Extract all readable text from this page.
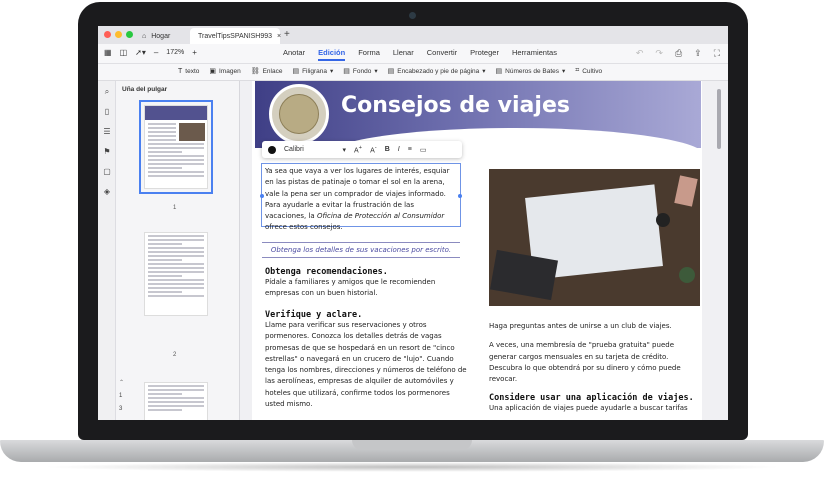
⌂ Hogar	TravelTipsSPANISH993 × +
▦ ◫ ➚▾ – 172% +	Anotar Edición Forma Llenar Convertir Proteger Herramientas	↶ ↷ ⎙ ⇪ ⛶
T texto ▣ Imagen ⛓ Enlace ▤ Filigrana ▾ ▤ Fondo ▾ ▤ Encabezado y pie de página ▾ ▤ Números de Bates ▾ ⌗ Cultivo
⌕
▯
☰
⚑
▢
◈
Uña del pulgar
1
2
⌃
1
3
Consejos de viajes
Calibri	▾ A+ A- B I ≡ ▭
Ya sea que vaya a ver los lugares de interés, esquiar en las pistas de patinaje o tomar el sol en la arena, vale la pena ser un comprador de viajes informado. Para ayudarle a evitar la frustración de las vacaciones, la Oficina de Protección al Consumidor ofrece estos consejos.
Obtenga los detalles de sus vacaciones por escrito.
Obtenga recomendaciones.
Pídale a familiares y amigos que le recomienden empresas con un buen historial.
Verifique y aclare.
Llame para verificar sus reservaciones y otros pormenores. Conozca los detalles detrás de vagas promesas de que se hospedará en un resort de "cinco estrellas" o navegará en un crucero de "lujo". Cuando tenga los nombres, direcciones y números de teléfono de las aerolíneas, empresas de alquiler de automóviles y hoteles que utilizará, confirme todos los pormenores usted mismo.
Haga preguntas antes de unirse a un club de viajes.
A veces, una membresía de "prueba gratuita" puede generar cargos mensuales en su tarjeta de crédito. Descubra lo que obtendrá por su dinero y cómo puede revocar.
Considere usar una aplicación de viajes.
Una aplicación de viajes puede ayudarle a buscar tarifas
